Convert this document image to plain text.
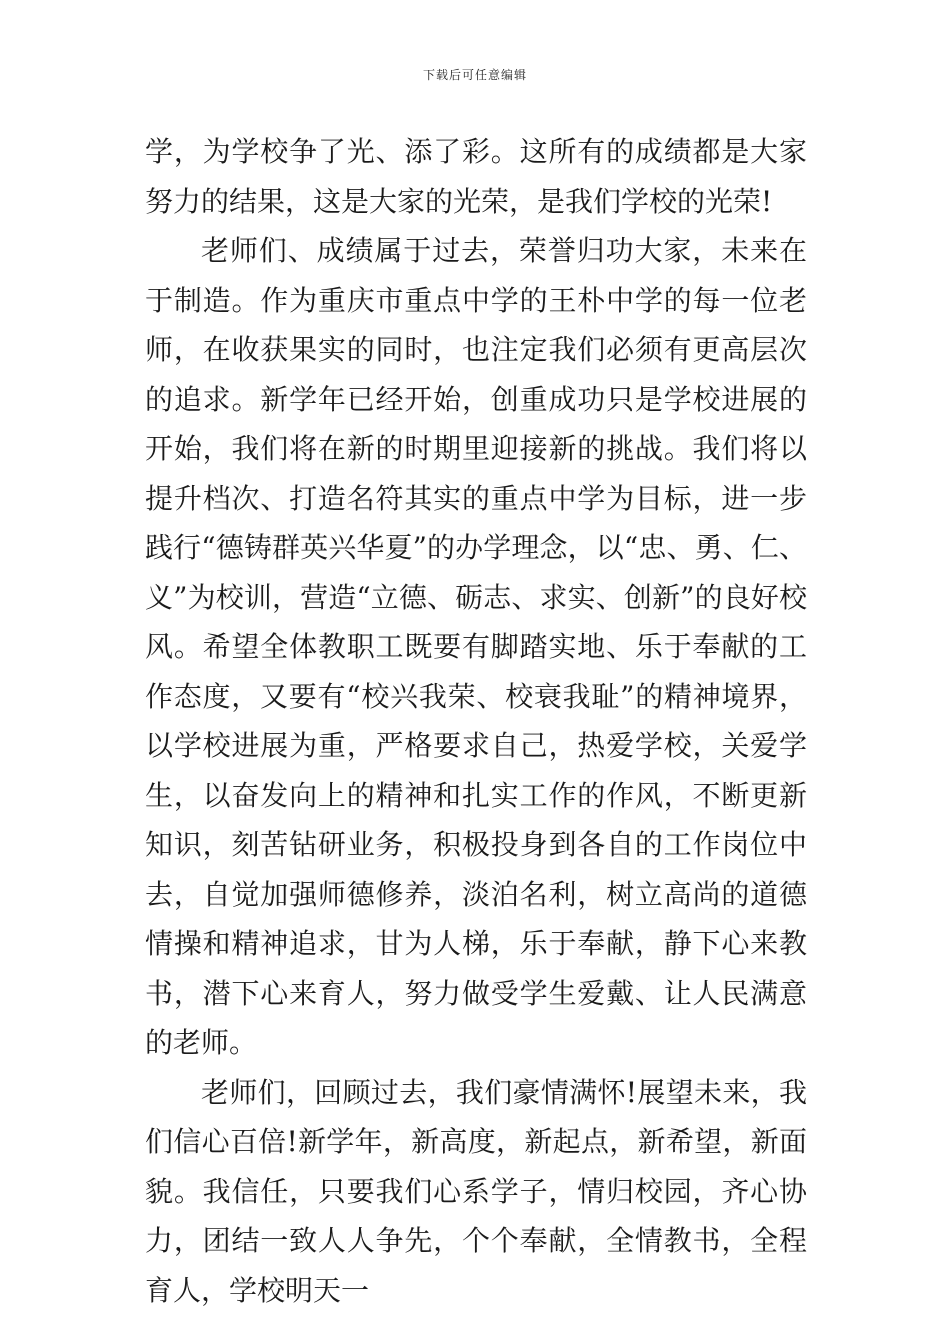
下载后可任意编辑

学，为学校争了光、添了彩。这所有的成绩都是大家努力的结果，这是大家的光荣，是我们学校的光荣!

老师们、成绩属于过去，荣誉归功大家，未来在于制造。作为重庆市重点中学的王朴中学的每一位老师，在收获果实的同时，也注定我们必须有更高层次的追求。新学年已经开始，创重成功只是学校进展的开始，我们将在新的时期里迎接新的挑战。我们将以提升档次、打造名符其实的重点中学为目标，进一步践行“德铸群英兴华夏”的办学理念，以“忠、勇、仁、义”为校训，营造“立德、砺志、求实、创新”的良好校风。希望全体教职工既要有脚踏实地、乐于奉献的工作态度，又要有“校兴我荣、校衰我耻”的精神境界，以学校进展为重，严格要求自己，热爱学校，关爱学生，以奋发向上的精神和扎实工作的作风，不断更新知识，刻苦钻研业务，积极投身到各自的工作岗位中去，自觉加强师德修养，淡泊名利，树立高尚的道德情操和精神追求，甘为人梯，乐于奉献，静下心来教书，潜下心来育人，努力做受学生爱戴、让人民满意的老师。

老师们，回顾过去，我们豪情满怀!展望未来，我们信心百倍!新学年，新高度，新起点，新希望，新面貌。我信任，只要我们心系学子，情归校园，齐心协力，团结一致人人争先，个个奉献，全情教书，全程育人，学校明天一
